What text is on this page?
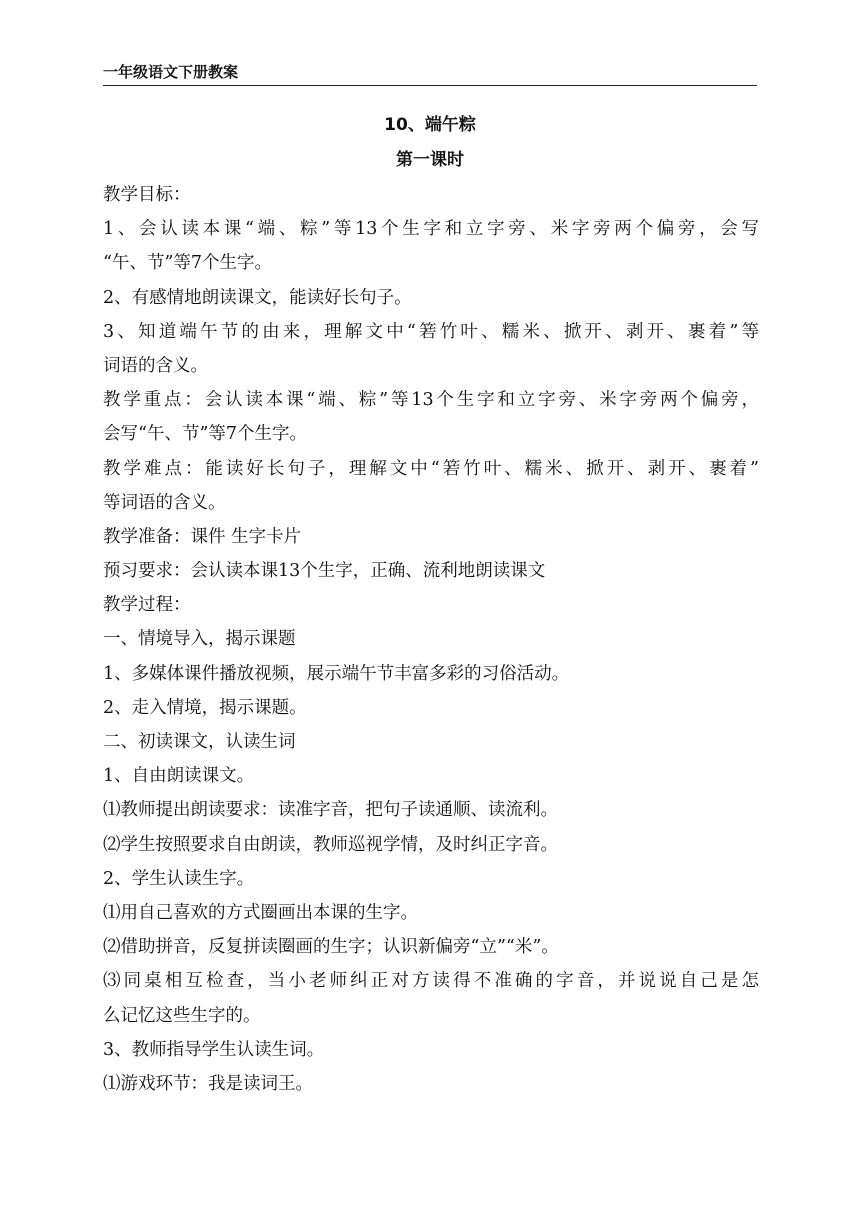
一年级语文下册教案
10、端午粽
第一课时
教学目标：
1、会认读本课“端、粽”等13个生字和立字旁、米字旁两个偏旁，会写
“午、节”等7个生字。
2、有感情地朗读课文，能读好长句子。
3、知道端午节的由来，理解文中“箬竹叶、糯米、掀开、剥开、裹着”等
词语的含义。
教学重点：会认读本课“端、粽”等13个生字和立字旁、米字旁两个偏旁，
会写“午、节”等7个生字。
教学难点：能读好长句子，理解文中“箬竹叶、糯米、掀开、剥开、裹着”
等词语的含义。
教学准备：课件 生字卡片
预习要求：会认读本课13个生字，正确、流利地朗读课文
教学过程：
一、情境导入，揭示课题
1、多媒体课件播放视频，展示端午节丰富多彩的习俗活动。
2、走入情境，揭示课题。
二、初读课文，认读生词
1、自由朗读课文。
⑴教师提出朗读要求：读准字音，把句子读通顺、读流利。
⑵学生按照要求自由朗读，教师巡视学情，及时纠正字音。
2、学生认读生字。
⑴用自己喜欢的方式圈画出本课的生字。
⑵借助拼音，反复拼读圈画的生字；认识新偏旁“立”“米”。
⑶同桌相互检查，当小老师纠正对方读得不准确的字音，并说说自己是怎
么记忆这些生字的。
3、教师指导学生认读生词。
⑴游戏环节：我是读词王。
